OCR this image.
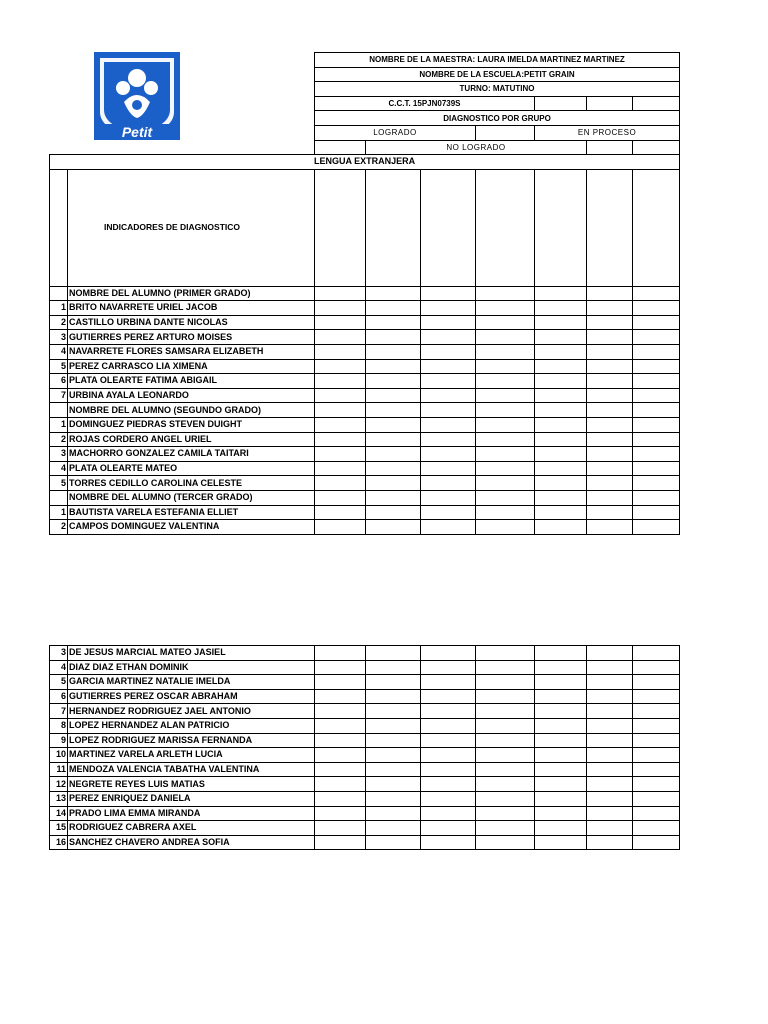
Petit
NOMBRE DE LA MAESTRA: LAURA IMELDA MARTINEZ MARTINEZ					
NOMBRE DE LA ESCUELA:PETIT GRAIN					
TURNO: MATUTINO					
C.C.T. 15PJN0739S					
DIAGNOSTICO POR GRUPO					
LOGRADO			EN PROCESO		
	NO LOGRADO				
LENGUA EXTRANJERA								
	INDICADORES DE DIAGNOSTICO							
	NOMBRE DEL ALUMNO (PRIMER GRADO)							
1	BRITO NAVARRETE URIEL JACOB							
2	CASTILLO URBINA DANTE NICOLAS							
3	GUTIERRES PEREZ ARTURO MOISES							
4	NAVARRETE FLORES SAMSARA ELIZABETH							
5	PEREZ CARRASCO LIA XIMENA							
6	PLATA OLEARTE FATIMA ABIGAIL							
7	URBINA AYALA LEONARDO							
	NOMBRE DEL ALUMNO (SEGUNDO GRADO)							
1	DOMINGUEZ PIEDRAS STEVEN DUIGHT							
2	ROJAS CORDERO ANGEL URIEL							
3	MACHORRO GONZALEZ CAMILA TAITARI							
4	PLATA OLEARTE MATEO							
5	TORRES CEDILLO CAROLINA CELESTE							
	NOMBRE DEL ALUMNO (TERCER GRADO)							
1	BAUTISTA VARELA ESTEFANIA ELLIET							
2	CAMPOS DOMINGUEZ VALENTINA							
3	DE JESUS MARCIAL MATEO JASIEL							
4	DIAZ DIAZ ETHAN DOMINIK							
5	GARCIA MARTINEZ NATALIE IMELDA							
6	GUTIERRES PEREZ OSCAR ABRAHAM							
7	HERNANDEZ RODRIGUEZ JAEL ANTONIO							
8	LOPEZ HERNANDEZ ALAN PATRICIO							
9	LOPEZ RODRIGUEZ MARISSA FERNANDA							
10	MARTINEZ VARELA ARLETH LUCIA							
11	MENDOZA VALENCIA TABATHA VALENTINA							
12	NEGRETE REYES LUIS MATIAS							
13	PEREZ ENRIQUEZ DANIELA							
14	PRADO LIMA EMMA MIRANDA							
15	RODRIGUEZ CABRERA AXEL							
16	SANCHEZ CHAVERO ANDREA SOFIA							
